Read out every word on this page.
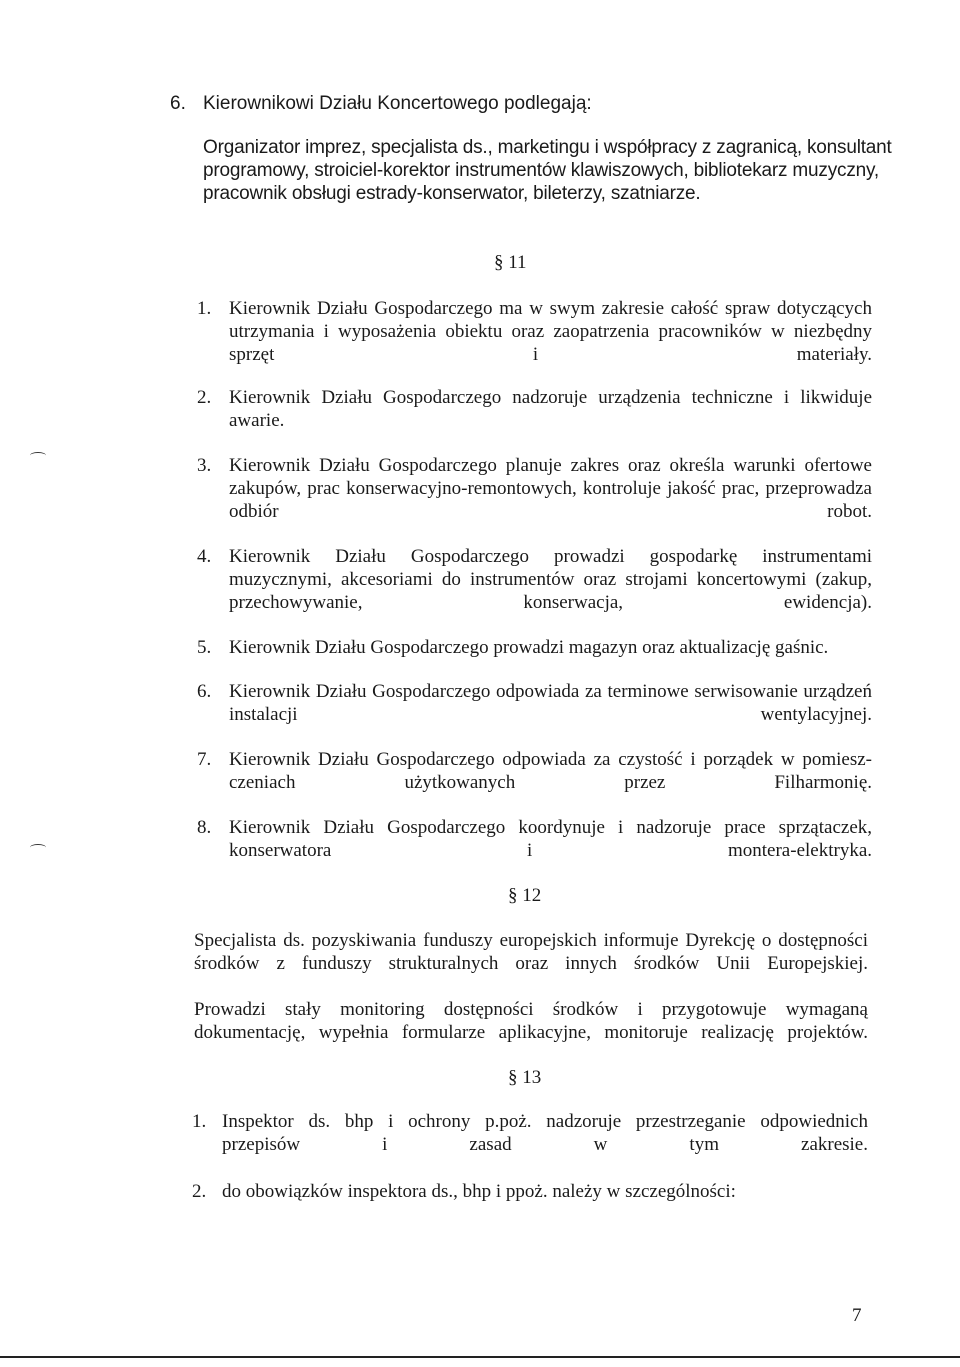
6. Kierownikowi Działu Koncertowego podlegają:
Organizator imprez, specjalista ds., marketingu i współpracy z zagranicą, konsultant
programowy, stroiciel-korektor instrumentów klawiszowych, bibliotekarz muzyczny,
pracownik obsługi estrady-konserwator, bileterzy, szatniarze.
§ 11
1. Kierownik Działu Gospodarczego ma w swym zakresie całość spraw dotyczących utrzymania i wyposażenia obiektu oraz zaopatrzenia pracowników w niezbędny sprzęt i materiały.
2. Kierownik Działu Gospodarczego nadzoruje urządzenia techniczne i likwiduje awarie.
3. Kierownik Działu Gospodarczego planuje zakres oraz określa warunki ofertowe zakupów, prac konserwacyjno-remontowych, kontroluje jakość prac, przeprowadza odbiór robot.
4. Kierownik Działu Gospodarczego prowadzi gospodarkę instrumentami muzycznymi, akcesoriami do instrumentów oraz strojami koncertowymi (zakup, przechowywanie, konserwacja, ewidencja).
5. Kierownik Działu Gospodarczego prowadzi magazyn oraz aktualizację gaśnic.
6. Kierownik Działu Gospodarczego odpowiada za terminowe serwisowanie urządzeń instalacji wentylacyjnej.
7. Kierownik Działu Gospodarczego odpowiada za czystość i porządek w pomiesz-czeniach użytkowanych przez Filharmonię.
8. Kierownik Działu Gospodarczego koordynuje i nadzoruje prace sprzątaczek, konserwatora i montera-elektryka.
§ 12
Specjalista ds. pozyskiwania funduszy europejskich informuje Dyrekcję o dostępności środków z funduszy strukturalnych oraz innych środków Unii Europejskiej.
Prowadzi stały monitoring dostępności środków i przygotowuje wymaganą dokumentację, wypełnia formularze aplikacyjne, monitoruje realizację projektów.
§ 13
1. Inspektor ds. bhp i ochrony p.poż. nadzoruje przestrzeganie odpowiednich przepisów i zasad w tym zakresie.
2. do obowiązków inspektora ds., bhp i ppoż. należy w szczególności:
7
